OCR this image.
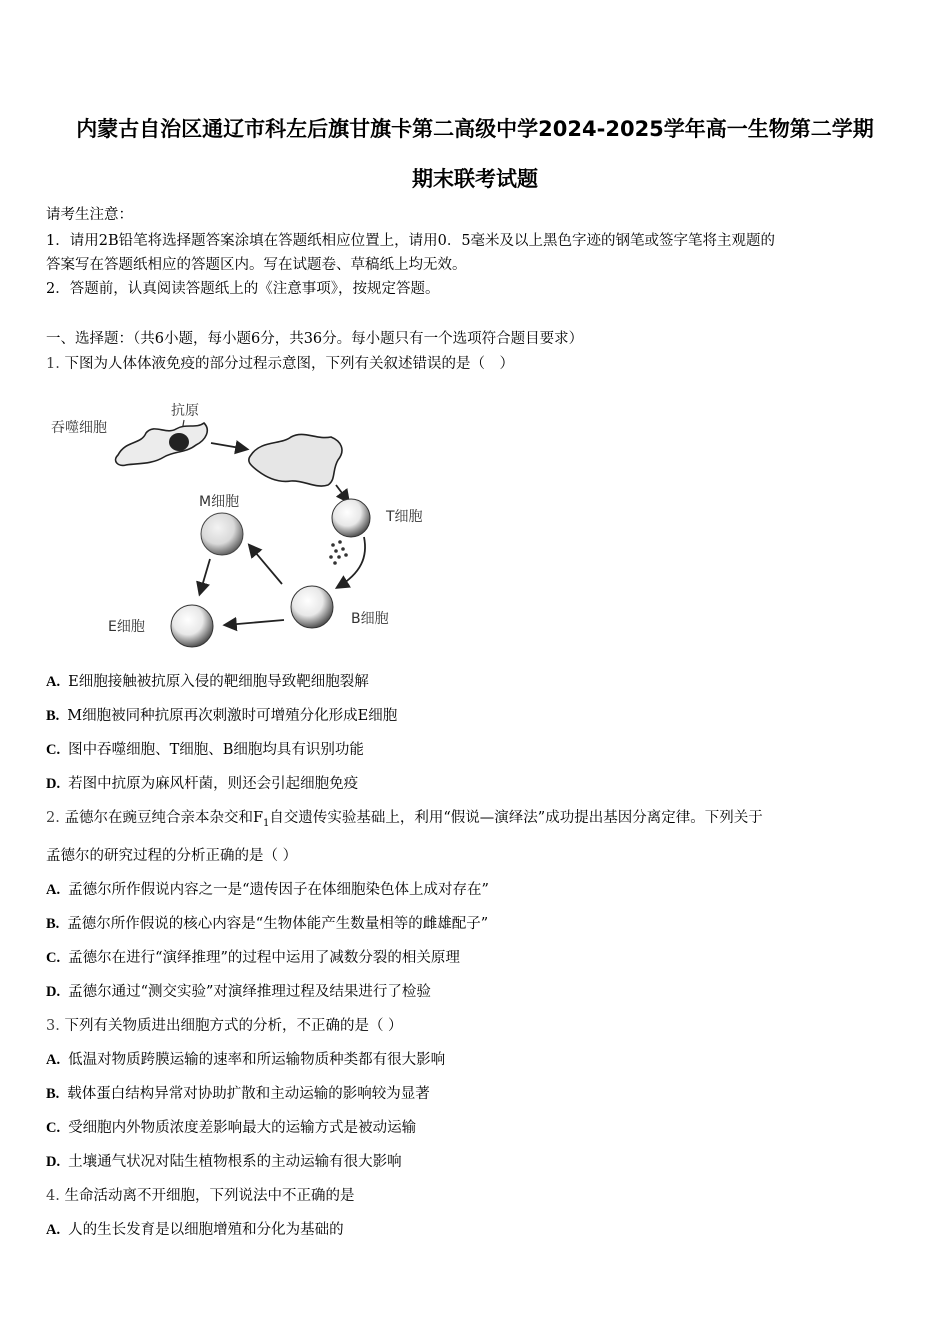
内蒙古自治区通辽市科左后旗甘旗卡第二高级中学2024-2025学年高一生物第二学期
期末联考试题
请考生注意：
1．请用2B铅笔将选择题答案涂填在答题纸相应位置上，请用0．5毫米及以上黑色字迹的钢笔或签字笔将主观题的
答案写在答题纸相应的答题区内。写在试题卷、草稿纸上均无效。
2．答题前，认真阅读答题纸上的《注意事项》，按规定答题。
一、选择题：（共6小题，每小题6分，共36分。每小题只有一个选项符合题目要求）
1. 下图为人体体液免疫的部分过程示意图，下列有关叙述错误的是（　）
吞噬细胞
抗原
T细胞
B细胞
M细胞
E细胞
A. E细胞接触被抗原入侵的靶细胞导致靶细胞裂解
B. M细胞被同种抗原再次刺激时可增殖分化形成E细胞
C. 图中吞噬细胞、T细胞、B细胞均具有识别功能
D. 若图中抗原为麻风杆菌，则还会引起细胞免疫
2. 孟德尔在豌豆纯合亲本杂交和$F_1$自交遗传实验基础上，利用“假说—演绎法”成功提出基因分离定律。下列关于
孟德尔的研究过程的分析正确的是（ ）
A. 孟德尔所作假说内容之一是“遗传因子在体细胞染色体上成对存在”
B. 孟德尔所作假说的核心内容是“生物体能产生数量相等的雌雄配子”
C. 孟德尔在进行“演绎推理”的过程中运用了减数分裂的相关原理
D. 孟德尔通过“测交实验”对演绎推理过程及结果进行了检验
3. 下列有关物质进出细胞方式的分析，不正确的是（ ）
A. 低温对物质跨膜运输的速率和所运输物质种类都有很大影响
B. 载体蛋白结构异常对协助扩散和主动运输的影响较为显著
C. 受细胞内外物质浓度差影响最大的运输方式是被动运输
D. 土壤通气状况对陆生植物根系的主动运输有很大影响
4. 生命活动离不开细胞，下列说法中不正确的是
A. 人的生长发育是以细胞增殖和分化为基础的
